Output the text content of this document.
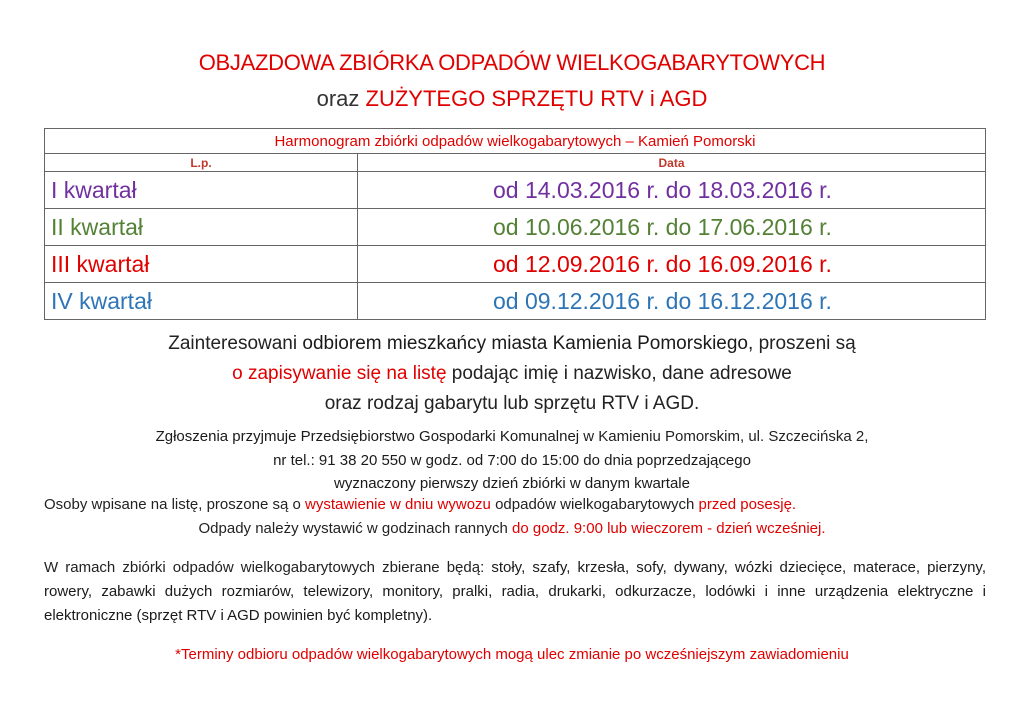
OBJAZDOWA ZBIÓRKA ODPADÓW WIELKOGABARYTOWYCH
oraz ZUŻYTEGO SPRZĘTU RTV i AGD
Harmonogram zbiórki odpadów wielkogabarytowych – Kamień Pomorski	
L.p.	Data
I kwartał	od 14.03.2016 r. do 18.03.2016 r.
II kwartał	od 10.06.2016 r. do 17.06.2016 r.
III kwartał	od 12.09.2016 r. do 16.09.2016 r.
IV kwartał	od 09.12.2016 r. do 16.12.2016 r.
Zainteresowani odbiorem mieszkańcy miasta Kamienia Pomorskiego, proszeni są
o zapisywanie się na listę podając imię i nazwisko, dane adresowe
oraz rodzaj gabarytu lub sprzętu RTV i AGD.
Zgłoszenia przyjmuje Przedsiębiorstwo Gospodarki Komunalnej w Kamieniu Pomorskim, ul. Szczecińska 2,
nr tel.: 91 38 20 550 w godz. od 7:00 do 15:00 do dnia poprzedzającego
wyznaczony pierwszy dzień zbiórki w danym kwartale
Osoby wpisane na listę, proszone są o wystawienie w dniu wywozu odpadów wielkogabarytowych przed posesję.
Odpady należy wystawić w godzinach rannych do godz. 9:00 lub wieczorem - dzień wcześniej.
W ramach zbiórki odpadów wielkogabarytowych zbierane będą: stoły, szafy, krzesła, sofy, dywany, wózki dziecięce, materace, pierzyny, rowery, zabawki dużych rozmiarów, telewizory, monitory, pralki, radia, drukarki, odkurzacze, lodówki i inne urządzenia elektryczne i elektroniczne (sprzęt RTV i AGD powinien być kompletny).
*Terminy odbioru odpadów wielkogabarytowych mogą ulec zmianie po wcześniejszym zawiadomieniu
